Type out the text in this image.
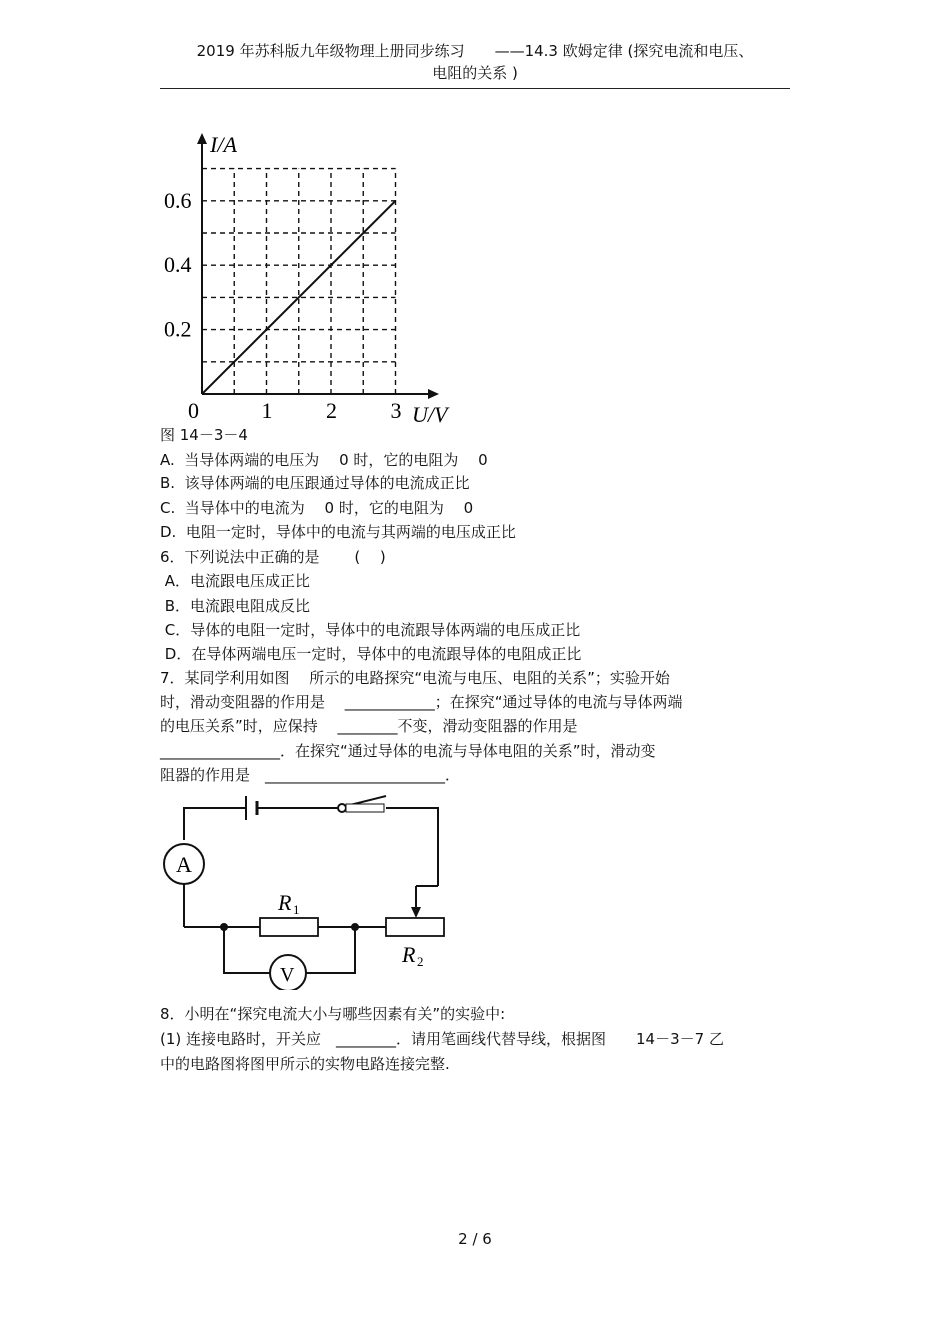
2019 年苏科版九年级物理上册同步练习　　——14.3 欧姆定律 (探究电流和电压、
电阻的关系 )
0	1 2 3
0.2
0.4
0.6
I/A
U/V
图 14－3－4
A.  当导体两端的电压为　 0 时，它的电阻为　 0
B.  该导体两端的电压跟通过导体的电流成正比
C.  当导体中的电流为　 0 时，它的电阻为　 0
D.  电阻一定时，导体中的电流与其两端的电压成正比
6．下列说法中正确的是　　 (　 )
A．电流跟电压成正比
B．电流跟电阻成反比
C．导体的电阻一定时，导体中的电流跟导体两端的电压成正比
D．在导体两端电压一定时，导体中的电流跟导体的电阻成正比
7．某同学利用如图　 所示的电路探究“电流与电压、电阻的关系”；实验开始
时，滑动变阻器的作用是　 ____________；在探究“通过导体的电流与导体两端
的电压关系”时，应保持　 ________不变，滑动变阻器的作用是
________________．在探究“通过导体的电流与导体电阻的关系”时，滑动变
阻器的作用是　________________________．
A
V
R 1
R 2
8．小明在“探究电流大小与哪些因素有关”的实验中:
(1) 连接电路时，开关应　________．请用笔画线代替导线，根据图　　14－3－7 乙
中的电路图将图甲所示的实物电路连接完整.
2 / 6
